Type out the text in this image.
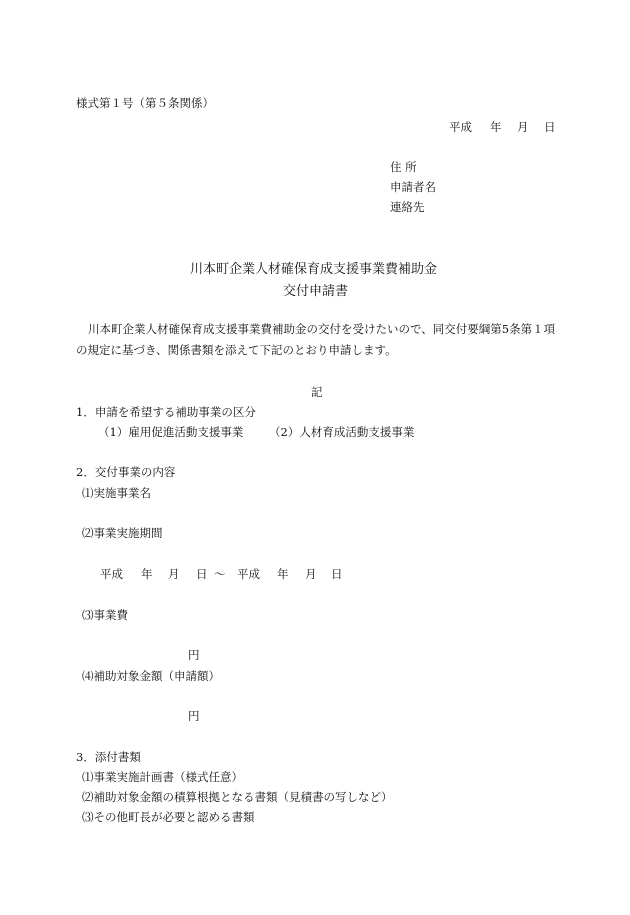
様式第１号（第５条関係）
平成 年 月 日
住 所
申請者名
連絡先
川本町企業人材確保育成支援事業費補助金
交付申請書
川本町企業人材確保育成支援事業費補助金の交付を受けたいので、同交付要綱第5条第１項
の規定に基づき、関係書類を添えて下記のとおり申請します。
記
1．申請を希望する補助事業の区分
（1）雇用促進活動支援事業 （2）人材育成活動支援事業
2．交付事業の内容
⑴実施事業名
⑵事業実施期間
平成 年 月 日 ～ 平成 年 月 日
⑶事業費
円
⑷補助対象金額（申請額）
円
3．添付書類
⑴事業実施計画書（様式任意）
⑵補助対象金額の積算根拠となる書類（見積書の写しなど）
⑶その他町長が必要と認める書類
